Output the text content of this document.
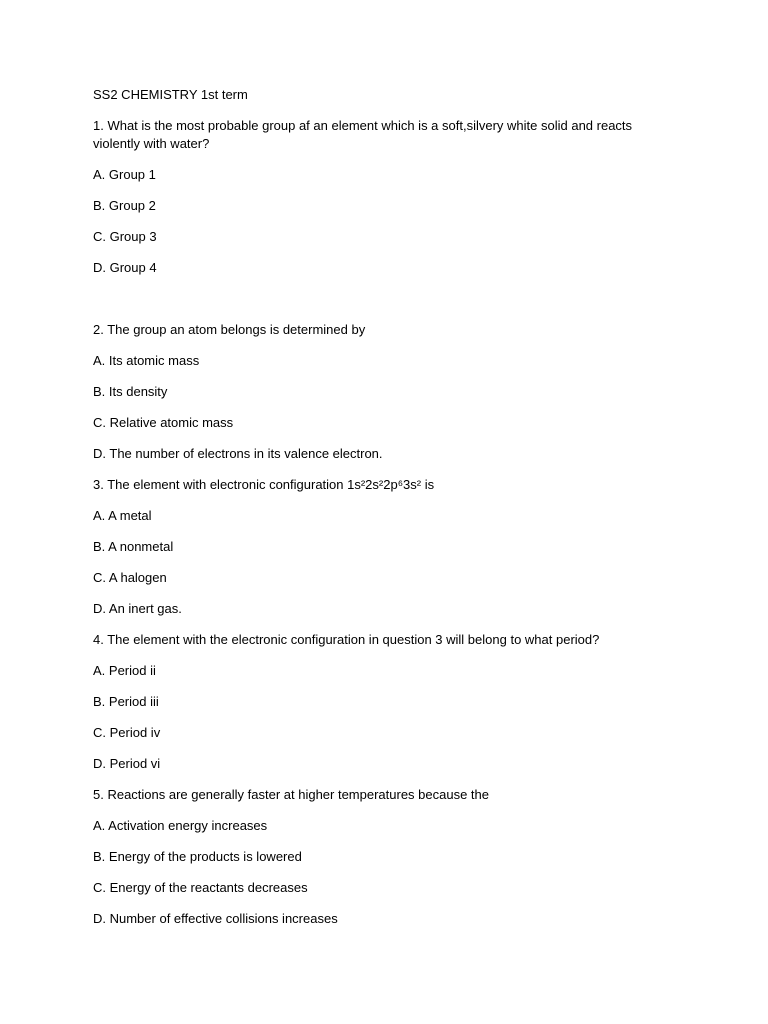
SS2 CHEMISTRY 1st term

1. What is the most probable group af an element which is a soft,silvery white solid and reacts violently with water?

A. Group 1

B. Group 2

C. Group 3

D. Group 4

2. The group an atom belongs is determined by

A. Its atomic mass

B. Its density

C. Relative atomic mass

D. The number of electrons in its valence electron.

3. The element with electronic configuration 1s²2s²2p⁶3s² is

A. A metal

B. A nonmetal

C. A halogen

D. An inert gas.

4. The element with the electronic configuration in question 3 will belong to what period?

A. Period ii

B. Period iii

C. Period iv

D. Period vi

5. Reactions are generally faster at higher temperatures because the

A. Activation energy increases

B. Energy of the products is lowered

C. Energy of the reactants decreases

D. Number of effective collisions increases
